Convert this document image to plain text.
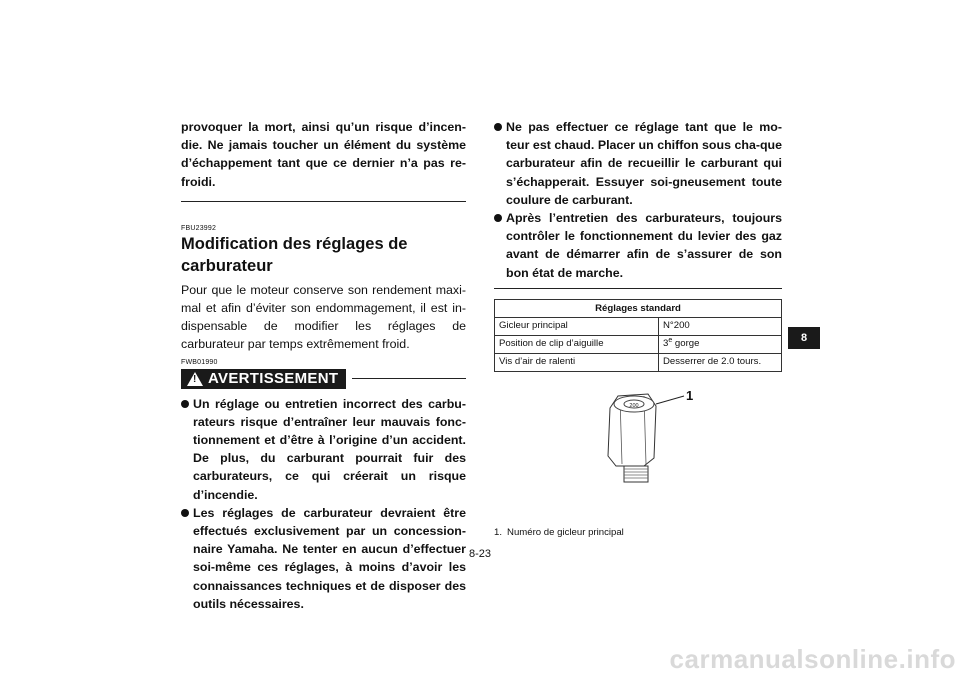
provoquer la mort, ainsi qu’un risque d’incen-die. Ne jamais toucher un élément du système d’échappement tant que ce dernier n’a pas re-froidi.

FBU23992

Modification des réglages de carburateur

Pour que le moteur conserve son rendement maxi-mal et afin d’éviter son endommagement, il est in-dispensable de modifier les réglages de carburateur par temps extrêmement froid.

FWB01990

! AVERTISSEMENT
Un réglage ou entretien incorrect des carbu-rateurs risque d’entraîner leur mauvais fonc-tionnement et d’être à l’origine d’un accident. De plus, du carburant pourrait fuir des carburateurs, ce qui créerait un risque d’incendie.
Les réglages de carburateur devraient être effectués exclusivement par un concession-naire Yamaha. Ne tenter en aucun d’effectuer soi-même ces réglages, à moins d’avoir les connaissances techniques et de disposer des outils nécessaires.
Ne pas effectuer ce réglage tant que le mo-teur est chaud. Placer un chiffon sous cha-que carburateur afin de recueillir le carburant qui s’échapperait. Essuyer soi-gneusement toute coulure de carburant.
Après l’entretien des carburateurs, toujours contrôler le fonctionnement du levier des gaz avant de démarrer afin de s’assurer de son bon état de marche.
Réglages standard	
Gicleur principal	N°200
Position de clip d’aiguille	3e gorge
Vis d’air de ralenti	Desserrer de 2.0 tours.
200
1
1. Numéro de gicleur principal
8-23
8
carmanualsonline.info
